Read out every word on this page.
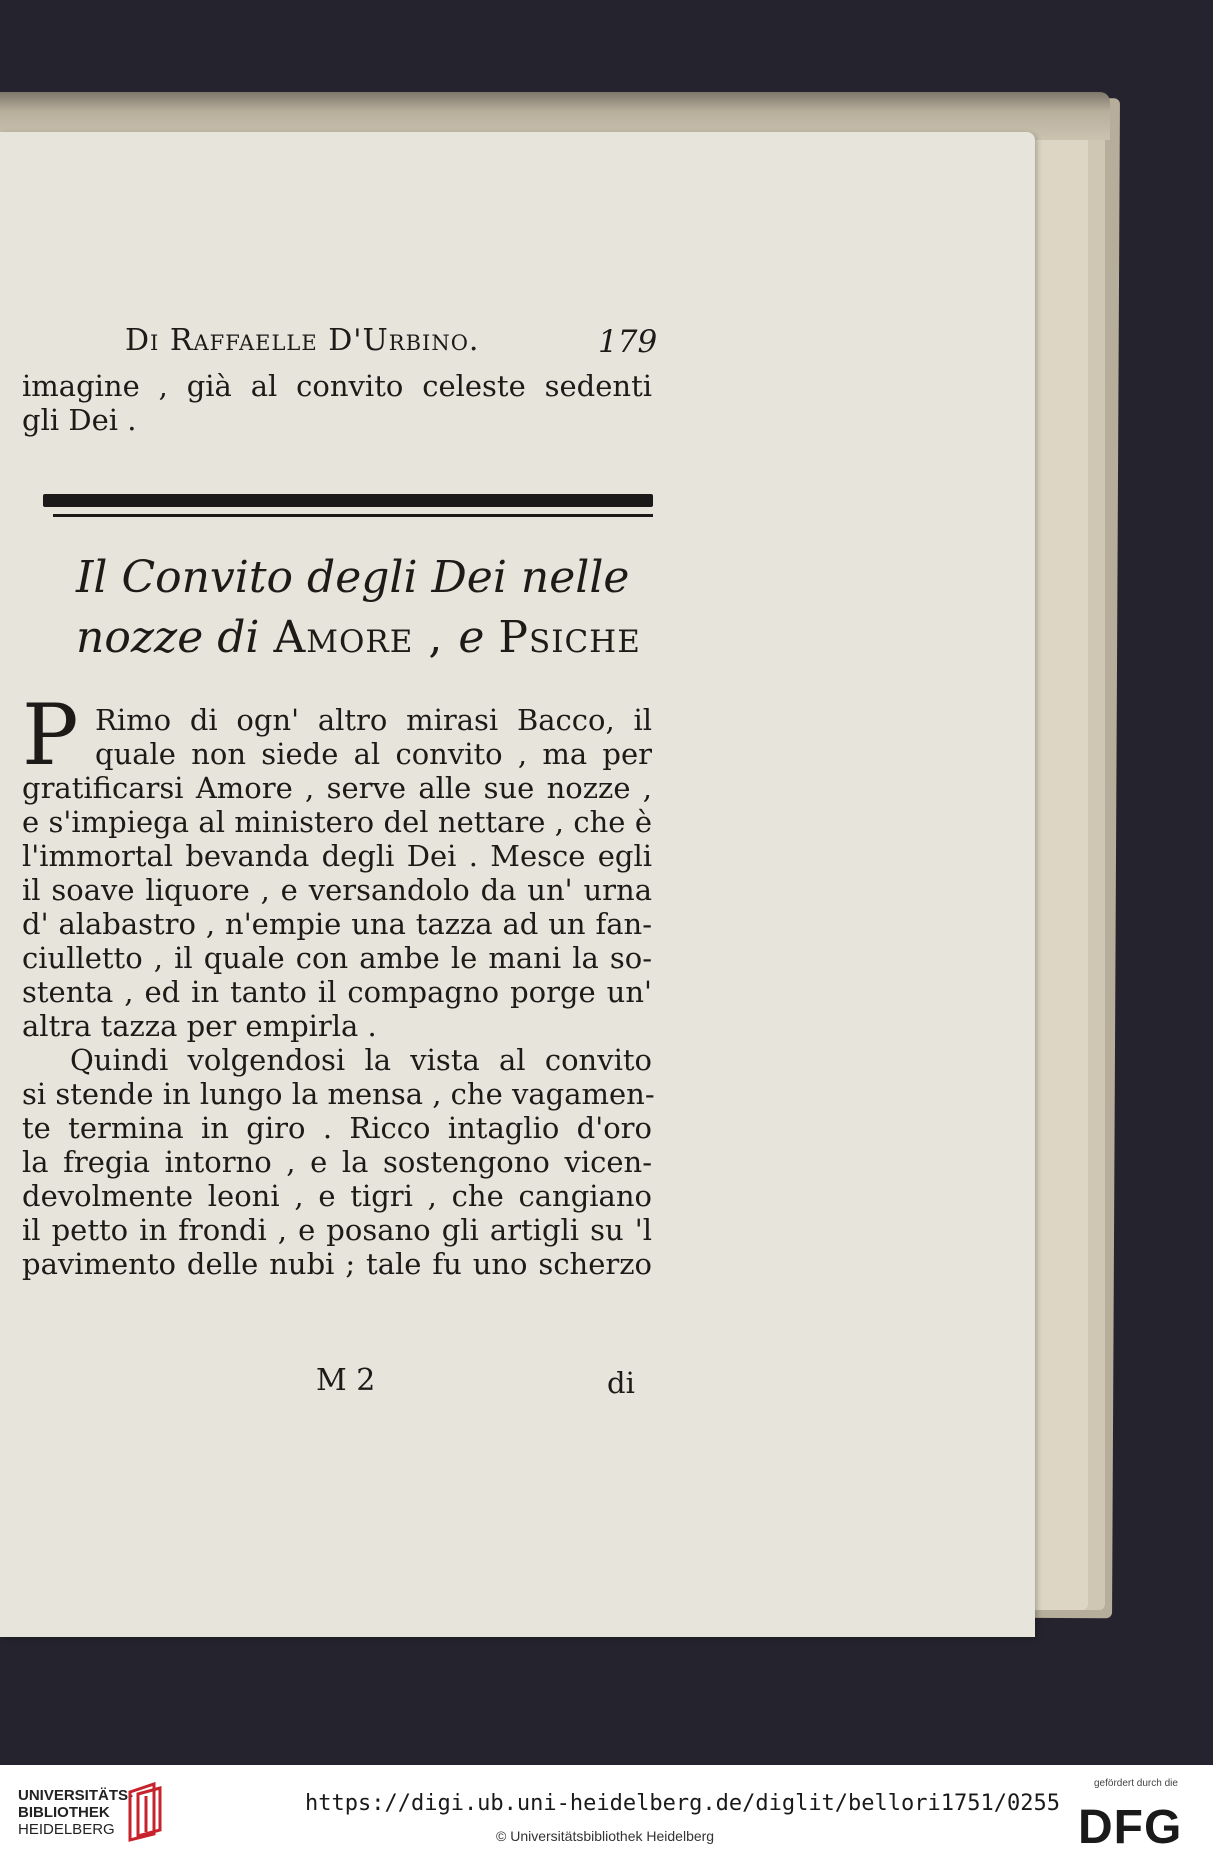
Di Raffaelle D'Urbino.	179
imagine , già al convito celeste sedenti
gli Dei .
Il Convito degli Dei nelle
nozze di Amore , e Psiche
P Rimo di ogn' altro mirasi Bacco, il
quale non siede al convito , ma per
gratificarsi Amore , serve alle sue nozze ,
e s'impiega al ministero del nettare , che è
l'immortal bevanda degli Dei . Mesce egli
il soave liquore , e versandolo da un' urna
d' alabastro , n'empie una tazza ad un fan-
ciulletto , il quale con ambe le mani la so-
stenta , ed in tanto il compagno porge un'
altra tazza per empirla .
Quindi volgendosi la vista al convito
si stende in lungo la mensa , che vagamen-
te termina in giro . Ricco intaglio d'oro
la fregia intorno , e la sostengono vicen-
devolmente leoni , e tigri , che cangiano
il petto in frondi , e posano gli artigli su 'l
pavimento delle nubi ; tale fu uno scherzo
M 2	di
UNIVERSITÄTS-
BIBLIOTHEK
HEIDELBERG
https://digi.ub.uni-heidelberg.de/diglit/bellori1751/0255
© Universitätsbibliothek Heidelberg
gefördert durch die
DFG
